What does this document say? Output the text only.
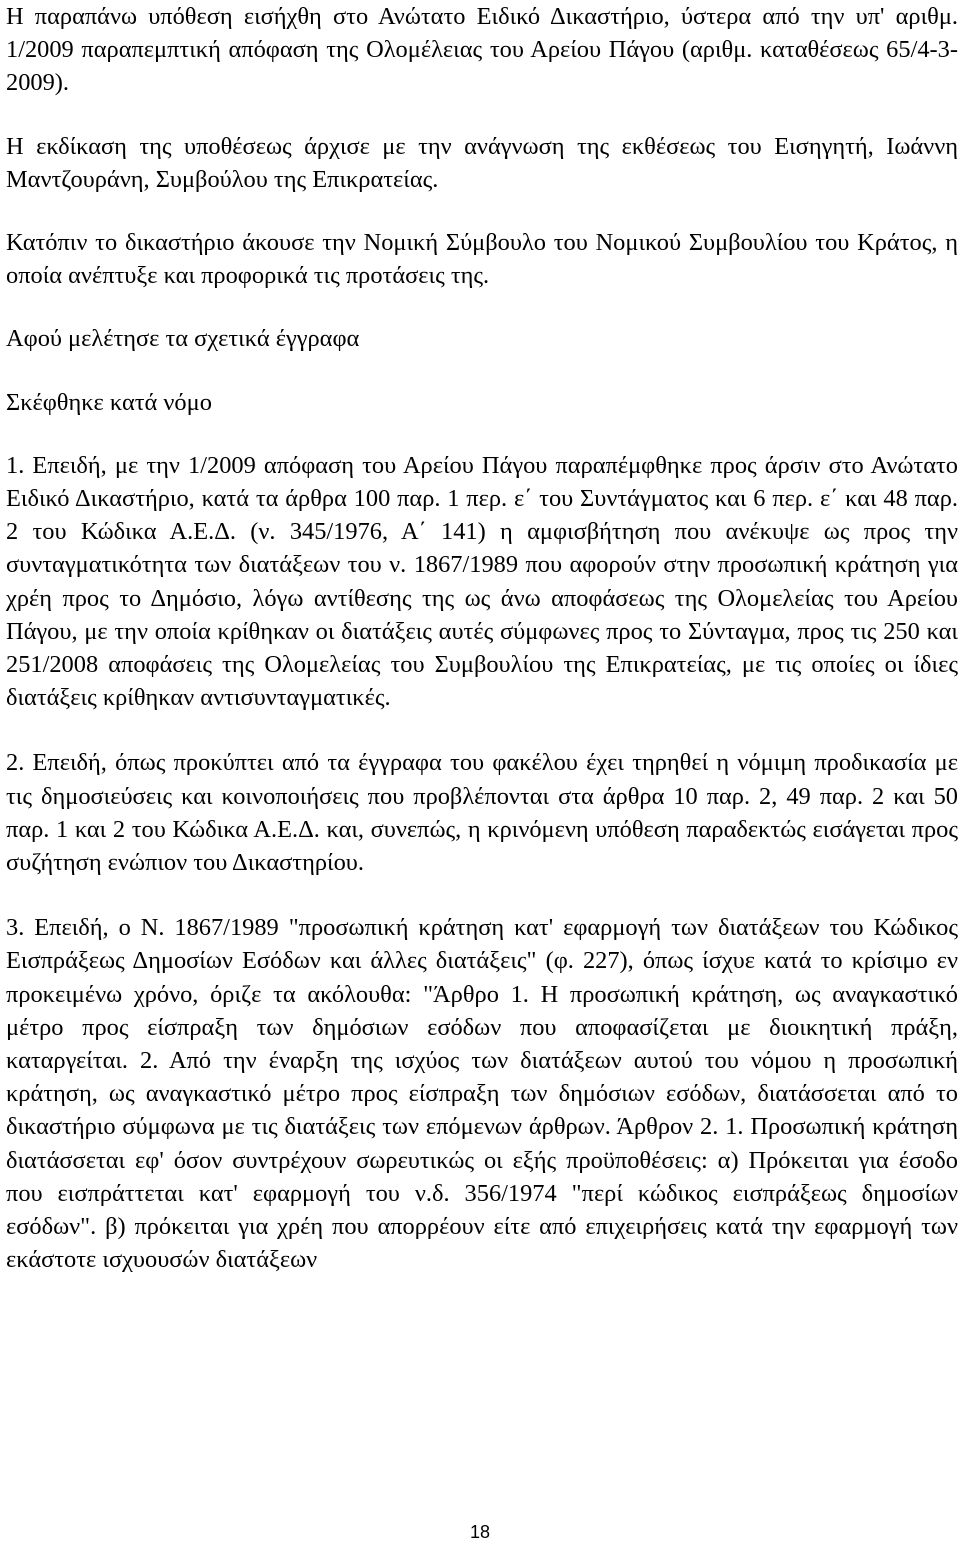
Η παραπάνω υπόθεση εισήχθη στο Ανώτατο Ειδικό Δικαστήριο, ύστερα από την υπ' αριθμ. 1/2009 παραπεμπτική απόφαση της Ολομέλειας του Αρείου Πάγου (αριθμ. καταθέσεως 65/4-3-2009).

Η εκδίκαση της υποθέσεως άρχισε με την ανάγνωση της εκθέσεως του Εισηγητή, Ιωάννη Μαντζουράνη, Συμβούλου της Επικρατείας.

Κατόπιν το δικαστήριο άκουσε την Νομική Σύμβουλο του Νομικού Συμβουλίου του Κράτος, η οποία ανέπτυξε και προφορικά τις προτάσεις της.

Αφού μελέτησε τα σχετικά έγγραφα

Σκέφθηκε κατά νόμο

1. Επειδή, με την 1/2009 απόφαση του Αρείου Πάγου παραπέμφθηκε προς άρσιν στο Ανώτατο Ειδικό Δικαστήριο, κατά τα άρθρα 100 παρ. 1 περ. ε΄ του Συντάγματος και 6 περ. ε΄ και 48 παρ. 2 του Κώδικα Α.Ε.Δ. (ν. 345/1976, Α΄ 141) η αμφισβήτηση που ανέκυψε ως προς την συνταγματικότητα των διατάξεων του ν. 1867/1989 που αφορούν στην προσωπική κράτηση για χρέη προς το Δημόσιο, λόγω αντίθεσης της ως άνω αποφάσεως της Ολομελείας του Αρείου Πάγου, με την οποία κρίθηκαν οι διατάξεις αυτές σύμφωνες προς το Σύνταγμα, προς τις 250 και 251/2008 αποφάσεις της Ολομελείας του Συμβουλίου της Επικρατείας, με τις οποίες οι ίδιες διατάξεις κρίθηκαν αντισυνταγματικές.

2. Επειδή, όπως προκύπτει από τα έγγραφα του φακέλου έχει τηρηθεί η νόμιμη προδικασία με τις δημοσιεύσεις και κοινοποιήσεις που προβλέπονται στα άρθρα 10 παρ. 2, 49 παρ. 2 και 50 παρ. 1 και 2 του Κώδικα Α.Ε.Δ. και, συνεπώς, η κρινόμενη υπόθεση παραδεκτώς εισάγεται προς συζήτηση ενώπιον του Δικαστηρίου.

3. Επειδή, ο Ν. 1867/1989 "προσωπική κράτηση κατ' εφαρμογή των διατάξεων του Κώδικος Εισπράξεως Δημοσίων Εσόδων και άλλες διατάξεις" (φ. 227), όπως ίσχυε κατά το κρίσιμο εν προκειμένω χρόνο, όριζε τα ακόλουθα: "Άρθρο 1. Η προσωπική κράτηση, ως αναγκαστικό μέτρο προς είσπραξη των δημόσιων εσόδων που αποφασίζεται με διοικητική πράξη, καταργείται. 2. Από την έναρξη της ισχύος των διατάξεων αυτού του νόμου η προσωπική κράτηση, ως αναγκαστικό μέτρο προς είσπραξη των δημόσιων εσόδων, διατάσσεται από το δικαστήριο σύμφωνα με τις διατάξεις των επόμενων άρθρων. Άρθρον 2. 1. Προσωπική κράτηση διατάσσεται εφ' όσον συντρέχουν σωρευτικώς οι εξής προϋποθέσεις: α) Πρόκειται για έσοδο που εισπράττεται κατ' εφαρμογή του ν.δ. 356/1974 "περί κώδικος εισπράξεως δημοσίων εσόδων". β) πρόκειται για χρέη που απορρέουν είτε από επιχειρήσεις κατά την εφαρμογή των εκάστοτε ισχυουσών διατάξεων

18
